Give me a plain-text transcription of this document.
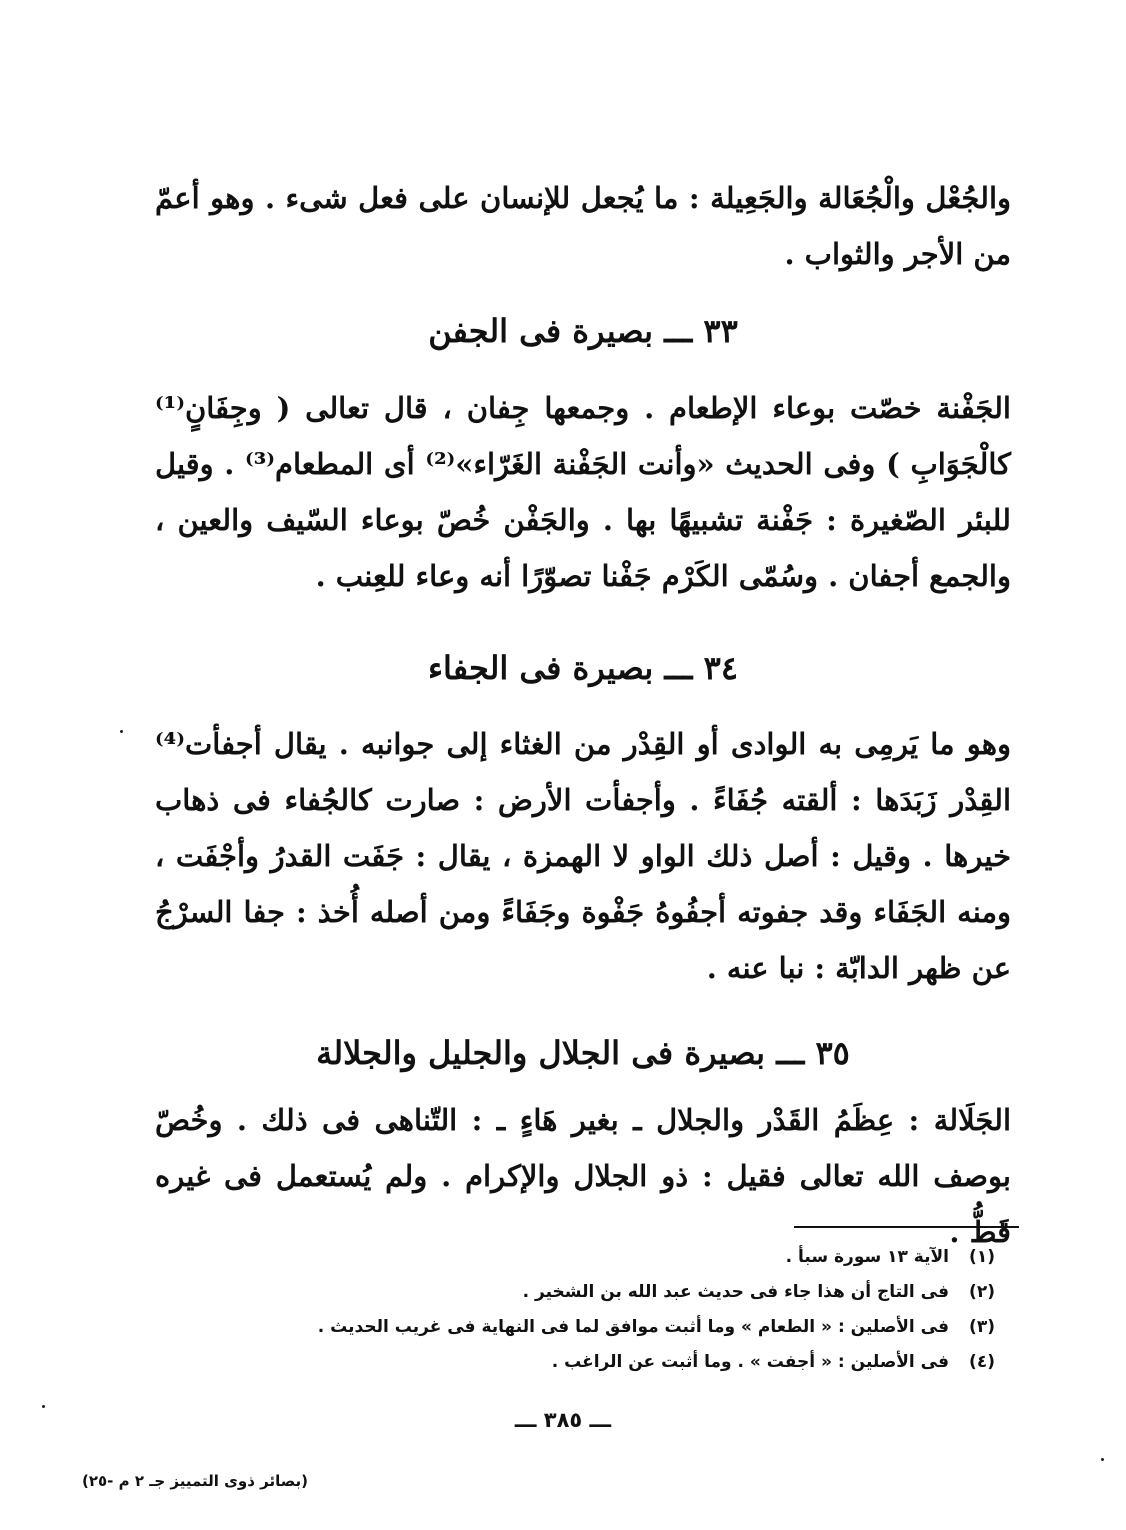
والجُعْل والْجُعَالة والجَعِيلة : ما يُجعل للإنسان على فعل شىء . وهو أعمّ من الأجر والثواب .

٣٣ ـــ بصيرة فى الجفن

الجَفْنة خصّت بوعاء الإطعام . وجمعها جِفان ، قال تعالى ( وجِفَانٍ⁽¹⁾ كالْجَوَابِ ) وفى الحديث «وأنت الجَفْنة الغَرّاء»⁽²⁾ أى المطعام⁽³⁾ . وقيل للبئر الصّغيرة : جَفْنة تشبيهًا بها . والجَفْن خُصّ بوعاء السّيف والعين ، والجمع أجفان . وسُمّى الكَرْم جَفْنا تصوّرًا أنه وعاء للعِنب .

٣٤ ـــ بصيرة فى الجفاء

وهو ما يَرمِى به الوادى أو القِدْر من الغثاء إلى جوانبه . يقال أجفأت⁽⁴⁾ القِدْر زَبَدَها : ألقته جُفَاءً . وأجفأت الأرض : صارت كالجُفاء فى ذهاب خيرها . وقيل : أصل ذلك الواو لا الهمزة ، يقال : جَفَت القدرُ وأجْفَت ، ومنه الجَفَاء وقد جفوته أجفُوهُ جَفْوة وجَفَاءً ومن أصله أُخذ : جفا السرْجُ عن ظهر الدابّة : نبا عنه .

٣٥ ـــ بصيرة فى الجلال والجليل والجلالة

الجَلَالة : عِظَمُ القَدْر والجلال ـ بغير هَاءٍ ـ : التّناهى فى ذلك . وخُصّ بوصف الله تعالى فقيل : ذو الجلال والإكرام . ولم يُستعمل فى غيره قَطُّ .

(١)
الآية ١٣ سورة سبأ .
(٢)
فى التاج أن هذا جاء فى حديث عبد الله بن الشخير .
(٣)
فى الأصلين : « الطعام » وما أثبت موافق لما فى النهاية فى غريب الحديث .
(٤)
فى الأصلين : « أجفت » . وما أثبت عن الراغب .
ـــ ٣٨٥ ـــ
(بصائر ذوى التمييز جـ ٢ م -٢٥)
